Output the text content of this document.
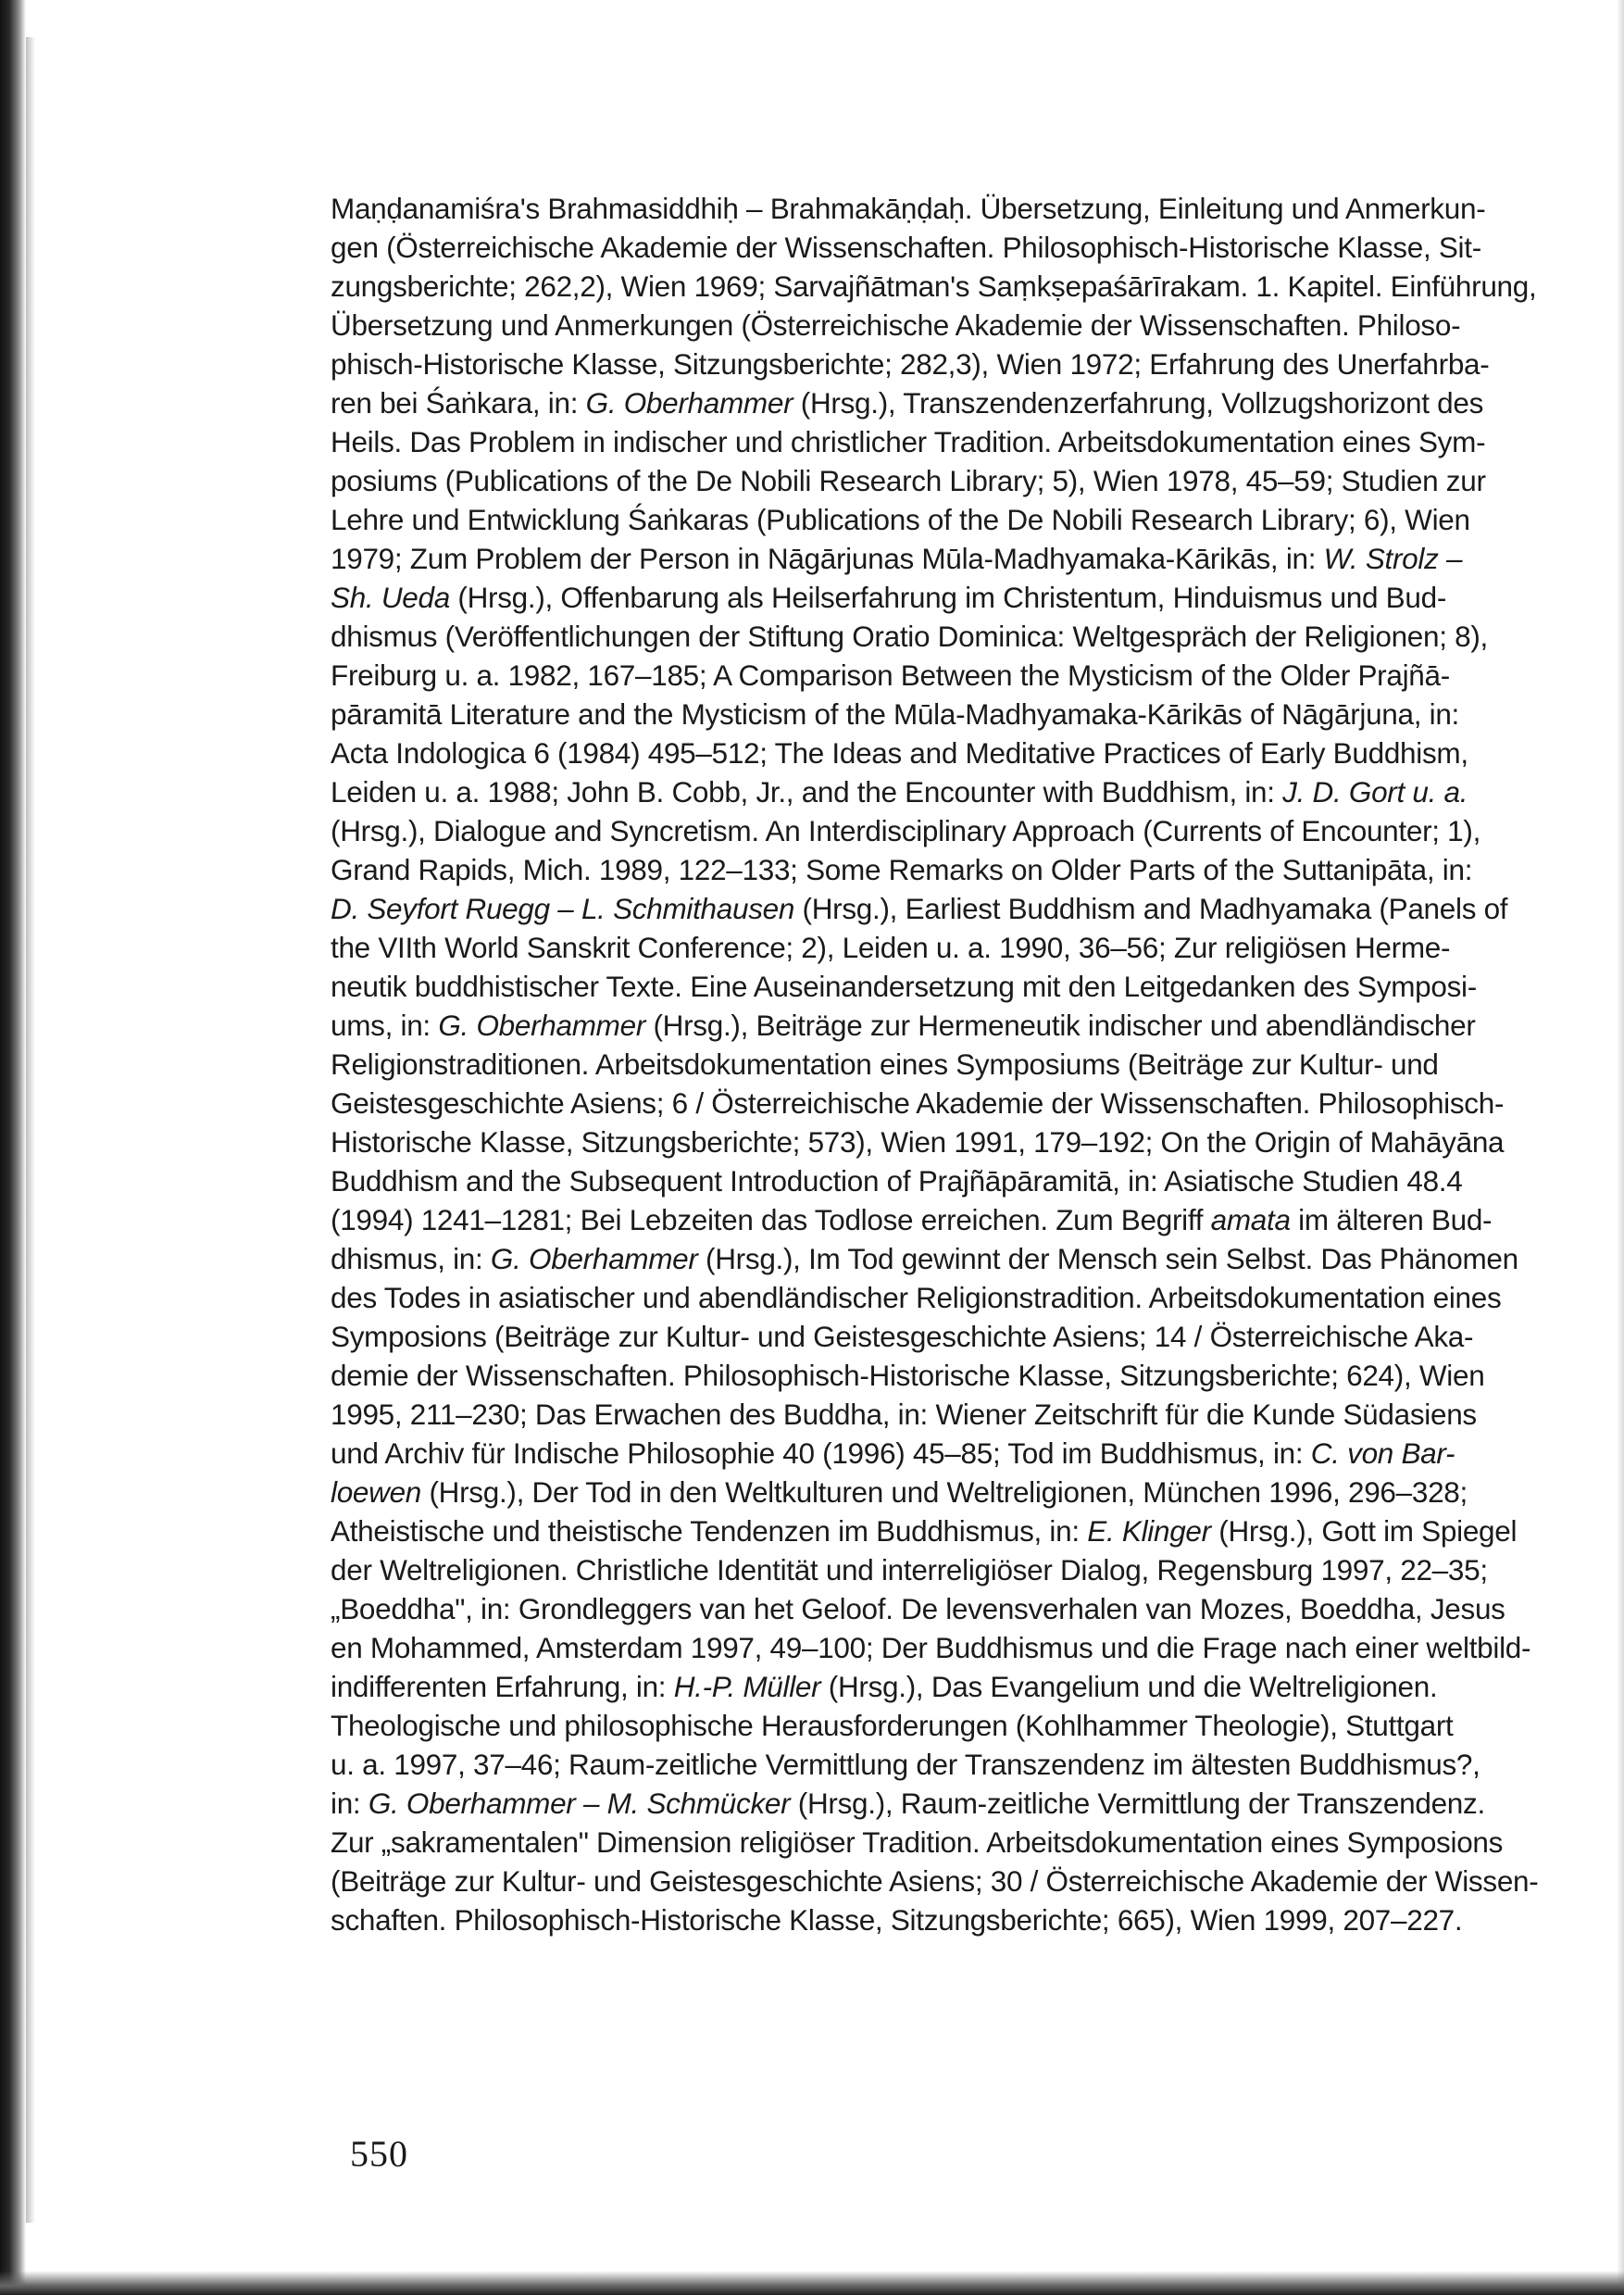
Maṇḍanamiśra's Brahmasiddhiḥ – Brahmakāṇḍaḥ. Übersetzung, Einleitung und Anmerkun-
gen (Österreichische Akademie der Wissenschaften. Philosophisch-Historische Klasse, Sit-
zungsberichte; 262,2), Wien 1969; Sarvajñātman's Saṃkṣepaśārīrakam. 1. Kapitel. Einführung,
Übersetzung und Anmerkungen (Österreichische Akademie der Wissenschaften. Philoso-
phisch-Historische Klasse, Sitzungsberichte; 282,3), Wien 1972; Erfahrung des Unerfahrba-
ren bei Śaṅkara, in: G. Oberhammer (Hrsg.), Transzendenzerfahrung, Vollzugshorizont des
Heils. Das Problem in indischer und christlicher Tradition. Arbeitsdokumentation eines Sym-
posiums (Publications of the De Nobili Research Library; 5), Wien 1978, 45–59; Studien zur
Lehre und Entwicklung Śaṅkaras (Publications of the De Nobili Research Library; 6), Wien
1979; Zum Problem der Person in Nāgārjunas Mūla-Madhyamaka-Kārikās, in: W. Strolz –
Sh. Ueda (Hrsg.), Offenbarung als Heilserfahrung im Christentum, Hinduismus und Bud-
dhismus (Veröffentlichungen der Stiftung Oratio Dominica: Weltgespräch der Religionen; 8),
Freiburg u. a. 1982, 167–185; A Comparison Between the Mysticism of the Older Prajñā-
pāramitā Literature and the Mysticism of the Mūla-Madhyamaka-Kārikās of Nāgārjuna, in:
Acta Indologica 6 (1984) 495–512; The Ideas and Meditative Practices of Early Buddhism,
Leiden u. a. 1988; John B. Cobb, Jr., and the Encounter with Buddhism, in: J. D. Gort u. a.
(Hrsg.), Dialogue and Syncretism. An Interdisciplinary Approach (Currents of Encounter; 1),
Grand Rapids, Mich. 1989, 122–133; Some Remarks on Older Parts of the Suttanipāta, in:
D. Seyfort Ruegg – L. Schmithausen (Hrsg.), Earliest Buddhism and Madhyamaka (Panels of
the VIIth World Sanskrit Conference; 2), Leiden u. a. 1990, 36–56; Zur religiösen Herme-
neutik buddhistischer Texte. Eine Auseinandersetzung mit den Leitgedanken des Symposi-
ums, in: G. Oberhammer (Hrsg.), Beiträge zur Hermeneutik indischer und abendländischer
Religionstraditionen. Arbeitsdokumentation eines Symposiums (Beiträge zur Kultur- und
Geistesgeschichte Asiens; 6 / Österreichische Akademie der Wissenschaften. Philosophisch-
Historische Klasse, Sitzungsberichte; 573), Wien 1991, 179–192; On the Origin of Mahāyāna
Buddhism and the Subsequent Introduction of Prajñāpāramitā, in: Asiatische Studien 48.4
(1994) 1241–1281; Bei Lebzeiten das Todlose erreichen. Zum Begriff amata im älteren Bud-
dhismus, in: G. Oberhammer (Hrsg.), Im Tod gewinnt der Mensch sein Selbst. Das Phänomen
des Todes in asiatischer und abendländischer Religionstradition. Arbeitsdokumentation eines
Symposions (Beiträge zur Kultur- und Geistesgeschichte Asiens; 14 / Österreichische Aka-
demie der Wissenschaften. Philosophisch-Historische Klasse, Sitzungsberichte; 624), Wien
1995, 211–230; Das Erwachen des Buddha, in: Wiener Zeitschrift für die Kunde Südasiens
und Archiv für Indische Philosophie 40 (1996) 45–85; Tod im Buddhismus, in: C. von Bar-
loewen (Hrsg.), Der Tod in den Weltkulturen und Weltreligionen, München 1996, 296–328;
Atheistische und theistische Tendenzen im Buddhismus, in: E. Klinger (Hrsg.), Gott im Spiegel
der Weltreligionen. Christliche Identität und interreligiöser Dialog, Regensburg 1997, 22–35;
„Boeddha", in: Grondleggers van het Geloof. De levensverhalen van Mozes, Boeddha, Jesus
en Mohammed, Amsterdam 1997, 49–100; Der Buddhismus und die Frage nach einer weltbild-
indifferenten Erfahrung, in: H.-P. Müller (Hrsg.), Das Evangelium und die Weltreligionen.
Theologische und philosophische Herausforderungen (Kohlhammer Theologie), Stuttgart
u. a. 1997, 37–46; Raum-zeitliche Vermittlung der Transzendenz im ältesten Buddhismus?,
in: G. Oberhammer – M. Schmücker (Hrsg.), Raum-zeitliche Vermittlung der Transzendenz.
Zur „sakramentalen" Dimension religiöser Tradition. Arbeitsdokumentation eines Symposions
(Beiträge zur Kultur- und Geistesgeschichte Asiens; 30 / Österreichische Akademie der Wissen-
schaften. Philosophisch-Historische Klasse, Sitzungsberichte; 665), Wien 1999, 207–227.
550
